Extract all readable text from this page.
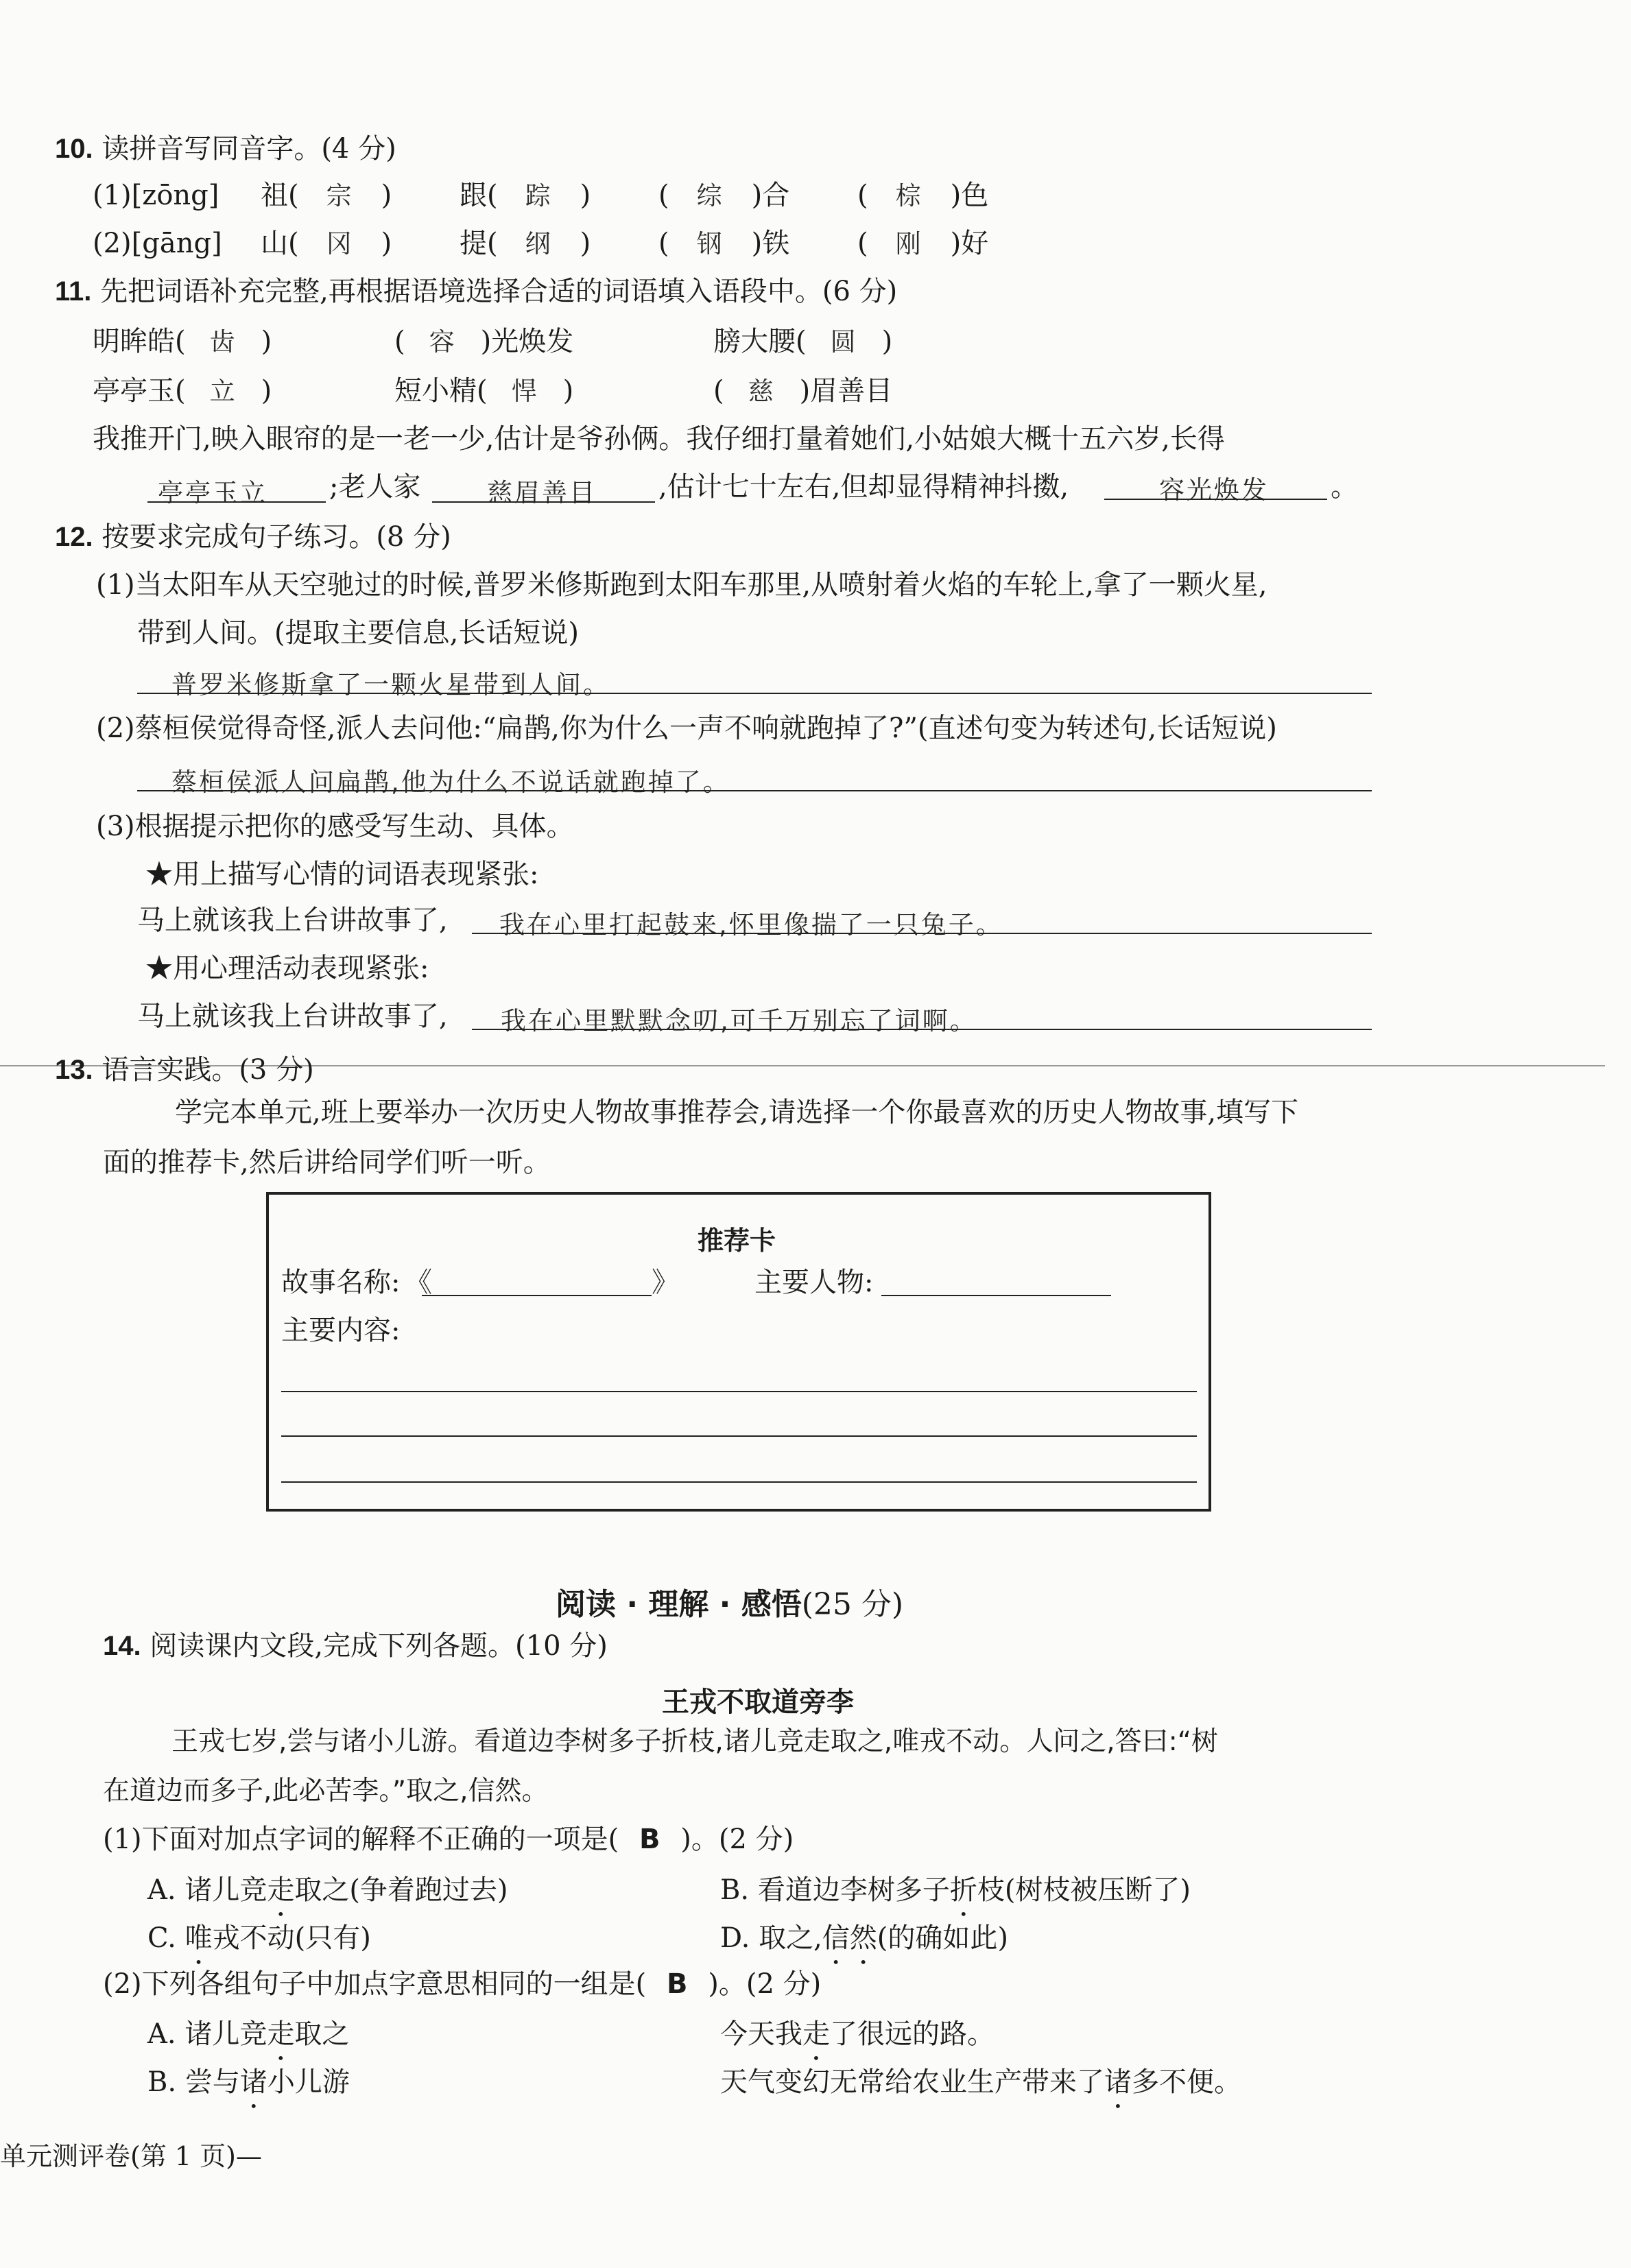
10. 读拼音写同音字。(4 分)
(1)[zōng] 祖( 宗 ) 跟( 踪 ) ( 综 )合 ( 棕 )色
(2)[gāng] 山( 冈 ) 提( 纲 ) ( 钢 )铁 ( 刚 )好
11. 先把词语补充完整,再根据语境选择合适的词语填入语段中。(6 分)
明眸皓( 齿 )	( 容 )光焕发	膀大腰( 圆 )
亭亭玉( 立 )	短小精( 悍 )	( 慈 )眉善目
我推开门,映入眼帘的是一老一少,估计是爷孙俩。我仔细打量着她们,小姑娘大概十五六岁,长得
亭亭玉立 ;老人家	慈眉善目 ,估计七十左右,但却显得精神抖擞,	容光焕发 。
12. 按要求完成句子练习。(8 分)
(1)当太阳车从天空驰过的时候,普罗米修斯跑到太阳车那里,从喷射着火焰的车轮上,拿了一颗火星,
带到人间。(提取主要信息,长话短说)
普罗米修斯拿了一颗火星带到人间。
(2)蔡桓侯觉得奇怪,派人去问他:“扁鹊,你为什么一声不响就跑掉了?”(直述句变为转述句,长话短说)
蔡桓侯派人问扁鹊,他为什么不说话就跑掉了。
(3)根据提示把你的感受写生动、具体。
★用上描写心情的词语表现紧张:
马上就该我上台讲故事了, 我在心里打起鼓来,怀里像揣了一只兔子。
★用心理活动表现紧张:
马上就该我上台讲故事了, 我在心里默默念叨,可千万别忘了词啊。
13. 语言实践。(3 分)
学完本单元,班上要举办一次历史人物故事推荐会,请选择一个你最喜欢的历史人物故事,填写下
面的推荐卡,然后讲给同学们听一听。
推荐卡
故事名称: 《	》	主要人物:
主要内容:
阅读 · 理解 · 感悟(25 分)
14. 阅读课内文段,完成下列各题。(10 分)
王戎不取道旁李
王戎七岁,尝与诸小儿游。看道边李树多子折枝,诸儿竞走取之,唯戎不动。人问之,答曰:“树
在道边而多子,此必苦李。”取之,信然。
(1)下面对加点字词的解释不正确的一项是( B )。(2 分)
A. 诸儿竞走取之(争着跑过去)	B. 看道边李树多子折枝(树枝被压断了)
C. 唯戎不动(只有)	D. 取之,信然(的确如此)
(2)下列各组句子中加点字意思相同的一组是( B )。(2 分)
A. 诸儿竞走取之	今天我走了很远的路。
B. 尝与诸小儿游	天气变幻无常给农业生产带来了诸多不便。
单元测评卷(第 1 页)—
